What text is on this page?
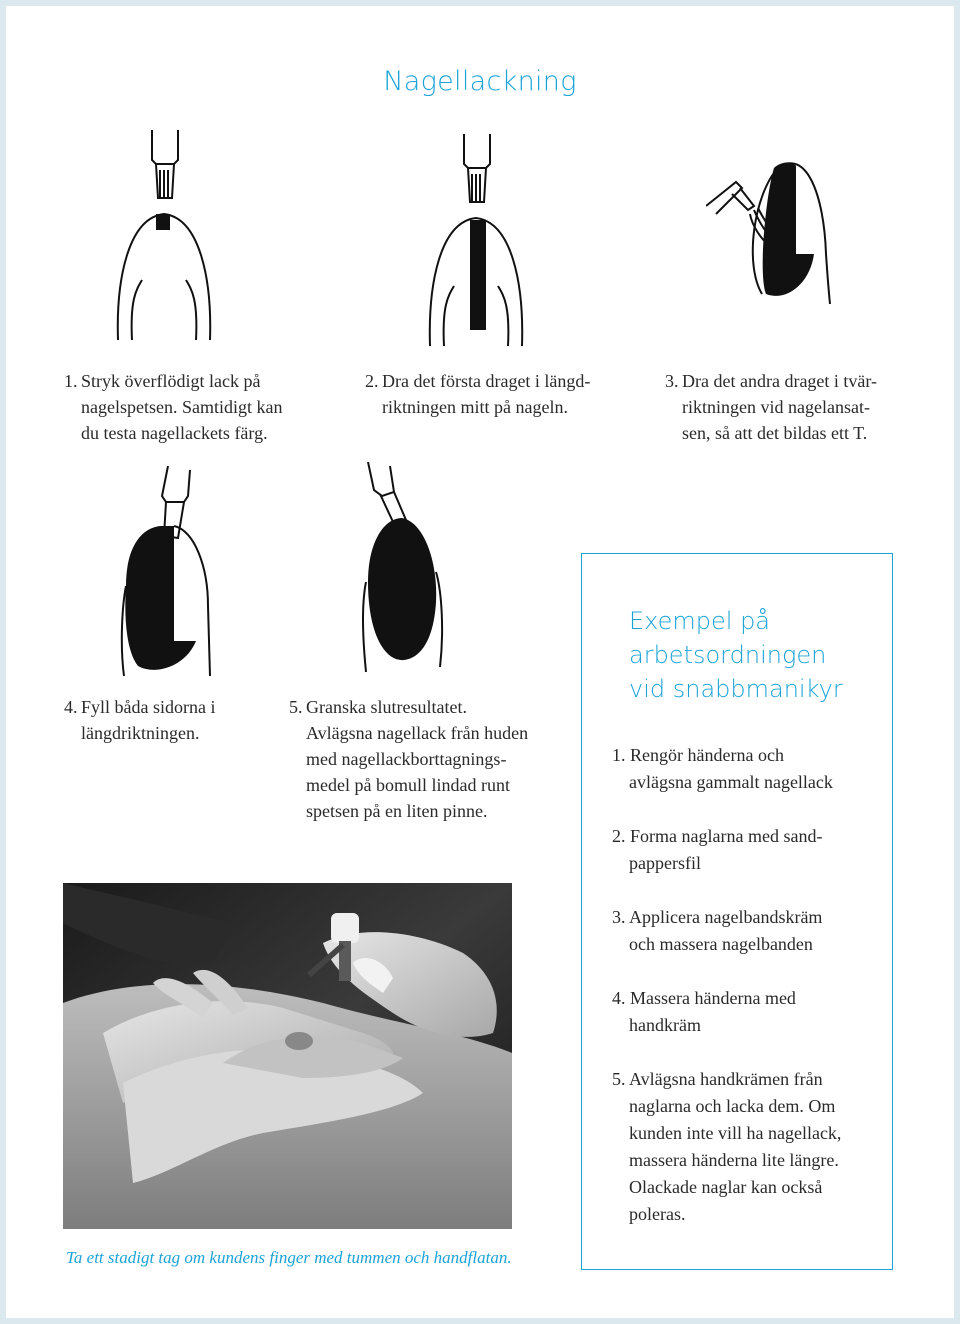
Nagellackning
1. Stryk överflödigt lack på
nagelspetsen. Samtidigt kan
du testa nagellackets färg.
2. Dra det första draget i längd-
riktningen mitt på nageln.
3. Dra det andra draget i tvär-
riktningen vid nagelansat-
sen, så att det bildas ett T.
4. Fyll båda sidorna i
längdriktningen.
5. Granska slutresultatet.
Avlägsna nagellack från huden
med nagellackborttagnings-
medel på bomull lindad runt
spetsen på en liten pinne.
Exempel på
arbetsordningen
vid snabbmanikyr
1. Rengör händerna och
avlägsna gammalt nagellack
2. Forma naglarna med sand-
pappersfil
3. Applicera nagelbandskräm
och massera nagelbanden
4. Massera händerna med
handkräm
5. Avlägsna handkrämen från
naglarna och lacka dem. Om
kunden inte vill ha nagellack,
massera händerna lite längre.
Olackade naglar kan också
poleras.
Ta ett stadigt tag om kundens finger med tummen och handflatan.
